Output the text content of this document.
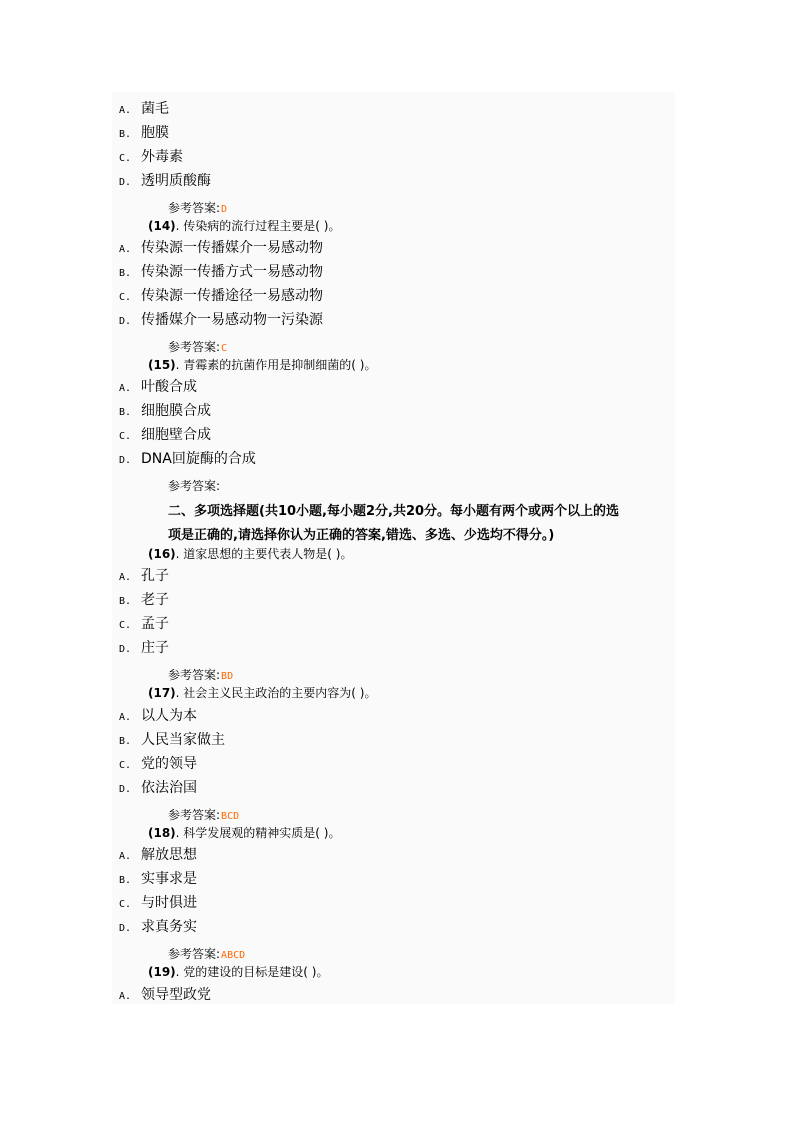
A. 菌毛
B. 胞膜
C. 外毒素
D. 透明质酸酶
参考答案:D
(14). 传染病的流行过程主要是( )。
A. 传染源一传播媒介一易感动物
B. 传染源一传播方式一易感动物
C. 传染源一传播途径一易感动物
D. 传播媒介一易感动物一污染源
参考答案:C
(15). 青霉素的抗菌作用是抑制细菌的( )。
A. 叶酸合成
B. 细胞膜合成
C. 细胞壁合成
D. DNA回旋酶的合成
参考答案:
二、多项选择题(共10小题,每小题2分,共20分。每小题有两个或两个以上的选
项是正确的,请选择你认为正确的答案,错选、多选、少选均不得分。)
(16). 道家思想的主要代表人物是( )。
A. 孔子
B. 老子
C. 孟子
D. 庄子
参考答案:BD
(17). 社会主义民主政治的主要内容为( )。
A. 以人为本
B. 人民当家做主
C. 党的领导
D. 依法治国
参考答案:BCD
(18). 科学发展观的精神实质是( )。
A. 解放思想
B. 实事求是
C. 与时俱进
D. 求真务实
参考答案:ABCD
(19). 党的建设的目标是建设( )。
A. 领导型政党
